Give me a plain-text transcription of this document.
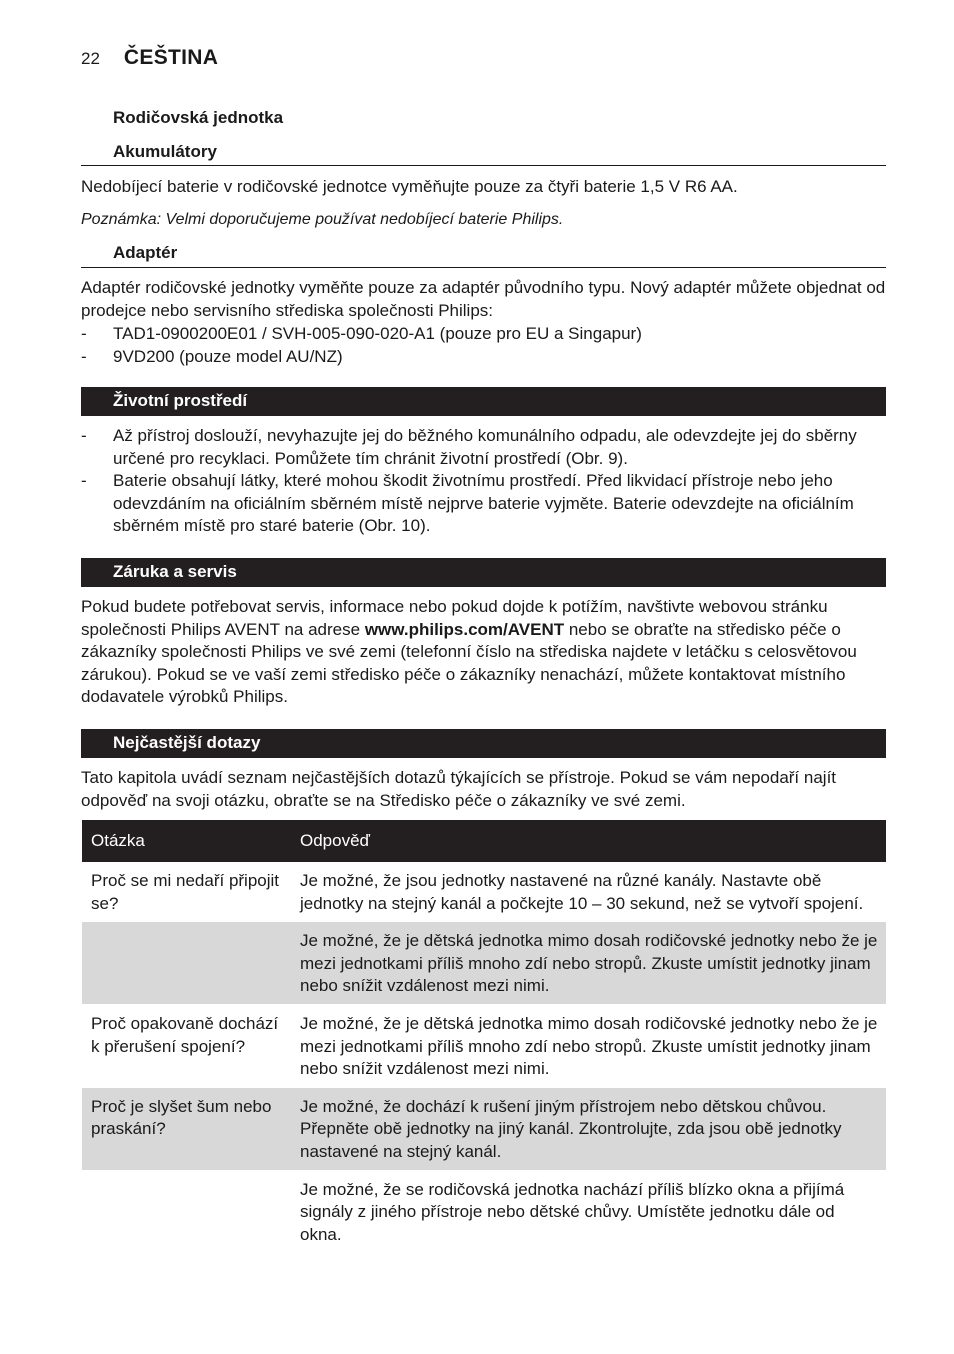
22 ČEŠTINA
Rodičovská jednotka
Akumulátory

Nedobíjecí baterie v rodičovské jednotce vyměňujte pouze za čtyři baterie 1,5 V R6 AA.

Poznámka: Velmi doporučujeme používat nedobíjecí baterie Philips.

Adaptér

Adaptér rodičovské jednotky vyměňte pouze za adaptér původního typu. Nový adaptér můžete objednat od prodejce nebo servisního střediska společnosti Philips:

- TAD1-0900200E01 / SVH-005-090-020-A1 (pouze pro EU a Singapur)
- 9VD200 (pouze model AU/NZ)
Životní prostředí
- Až přístroj doslouží, nevyhazujte jej do běžného komunálního odpadu, ale odevzdejte jej do sběrny určené pro recyklaci. Pomůžete tím chránit životní prostředí (Obr. 9).
- Baterie obsahují látky, které mohou škodit životnímu prostředí. Před likvidací přístroje nebo jeho odevzdáním na oficiálním sběrném místě nejprve baterie vyjměte. Baterie odevzdejte na oficiálním sběrném místě pro staré baterie (Obr. 10).
Záruka a servis

Pokud budete potřebovat servis, informace nebo pokud dojde k potížím, navštivte webovou stránku společnosti Philips AVENT na adrese www.philips.com/AVENT nebo se obraťte na středisko péče o zákazníky společnosti Philips ve své zemi (telefonní číslo na střediska najdete v letáčku s celosvětovou zárukou). Pokud se ve vaší zemi středisko péče o zákazníky nenachází, můžete kontaktovat místního dodavatele výrobků Philips.

Nejčastější dotazy

Tato kapitola uvádí seznam nejčastějších dotazů týkajících se přístroje. Pokud se vám nepodaří najít odpověď na svoji otázku, obraťte se na Středisko péče o zákazníky ve své zemi.

Otázka	Odpověď
Proč se mi nedaří připojit se?	Je možné, že jsou jednotky nastavené na různé kanály. Nastavte obě jednotky na stejný kanál a počkejte 10 – 30 sekund, než se vytvoří spojení.
	Je možné, že je dětská jednotka mimo dosah rodičovské jednotky nebo že je mezi jednotkami příliš mnoho zdí nebo stropů. Zkuste umístit jednotky jinam nebo snížit vzdálenost mezi nimi.
Proč opakovaně dochází k přerušení spojení?	Je možné, že je dětská jednotka mimo dosah rodičovské jednotky nebo že je mezi jednotkami příliš mnoho zdí nebo stropů. Zkuste umístit jednotky jinam nebo snížit vzdálenost mezi nimi.
Proč je slyšet šum nebo praskání?	Je možné, že dochází k rušení jiným přístrojem nebo dětskou chůvou. Přepněte obě jednotky na jiný kanál. Zkontrolujte, zda jsou obě jednotky nastavené na stejný kanál.
	Je možné, že se rodičovská jednotka nachází příliš blízko okna a přijímá signály z jiného přístroje nebo dětské chůvy. Umístěte jednotku dále od okna.
